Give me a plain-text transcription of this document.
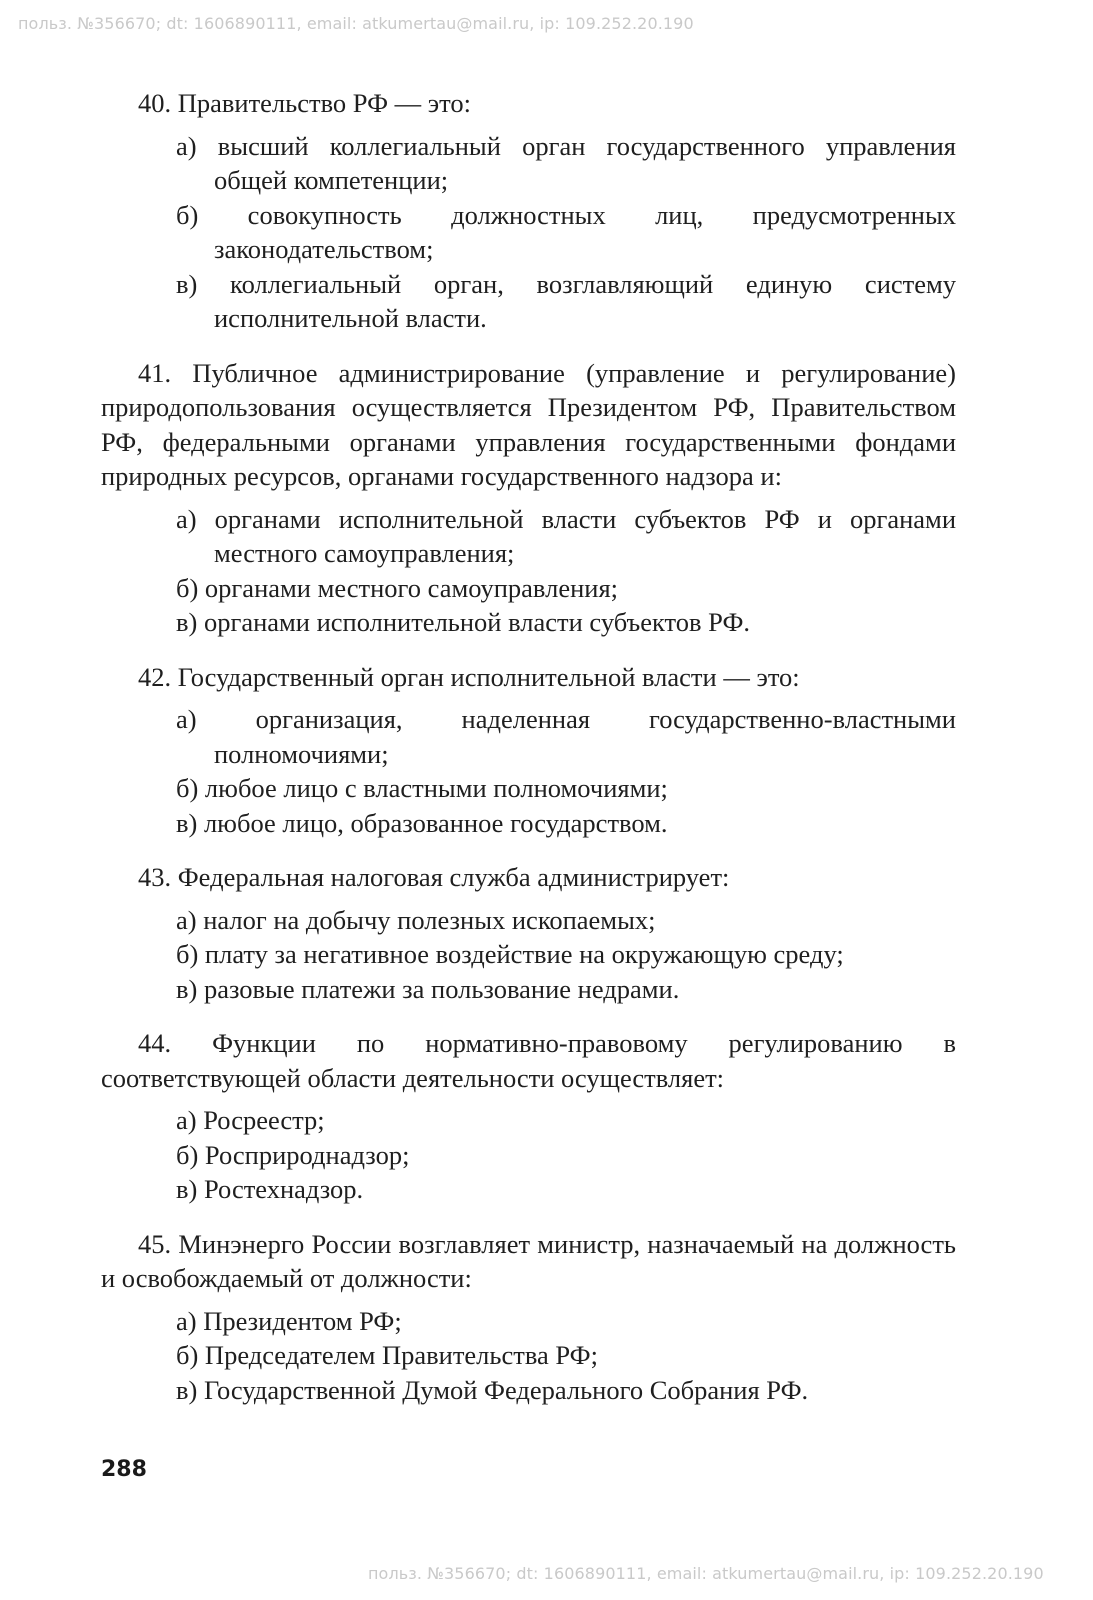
польз. №356670; dt: 1606890111, email: atkumertau@mail.ru, ip: 109.252.20.190

40. Правительство РФ — это:

а) высший коллегиальный орган государственного управления общей компетенции;
б) совокупность должностных лиц, предусмотренных законодательством;
в) коллегиальный орган, возглавляющий единую систему исполнительной власти.

41. Публичное администрирование (управление и регулирование) природопользования осуществляется Президентом РФ, Правительством РФ, федеральными органами управления государственными фондами природных ресурсов, органами государственного надзора и:

а) органами исполнительной власти субъектов РФ и органами местного самоуправления;
б) органами местного самоуправления;
в) органами исполнительной власти субъектов РФ.

42. Государственный орган исполнительной власти — это:

а) организация, наделенная государственно-властными полномочиями;
б) любое лицо с властными полномочиями;
в) любое лицо, образованное государством.

43. Федеральная налоговая служба администрирует:

а) налог на добычу полезных ископаемых;
б) плату за негативное воздействие на окружающую среду;
в) разовые платежи за пользование недрами.

44. Функции по нормативно-правовому регулированию в соответствующей области деятельности осуществляет:

а) Росреестр;
б) Росприроднадзор;
в) Ростехнадзор.

45. Минэнерго России возглавляет министр, назначаемый на должность и освобождаемый от должности:

а) Президентом РФ;
б) Председателем Правительства РФ;
в) Государственной Думой Федерального Собрания РФ.
288
польз. №356670; dt: 1606890111, email: atkumertau@mail.ru, ip: 109.252.20.190
